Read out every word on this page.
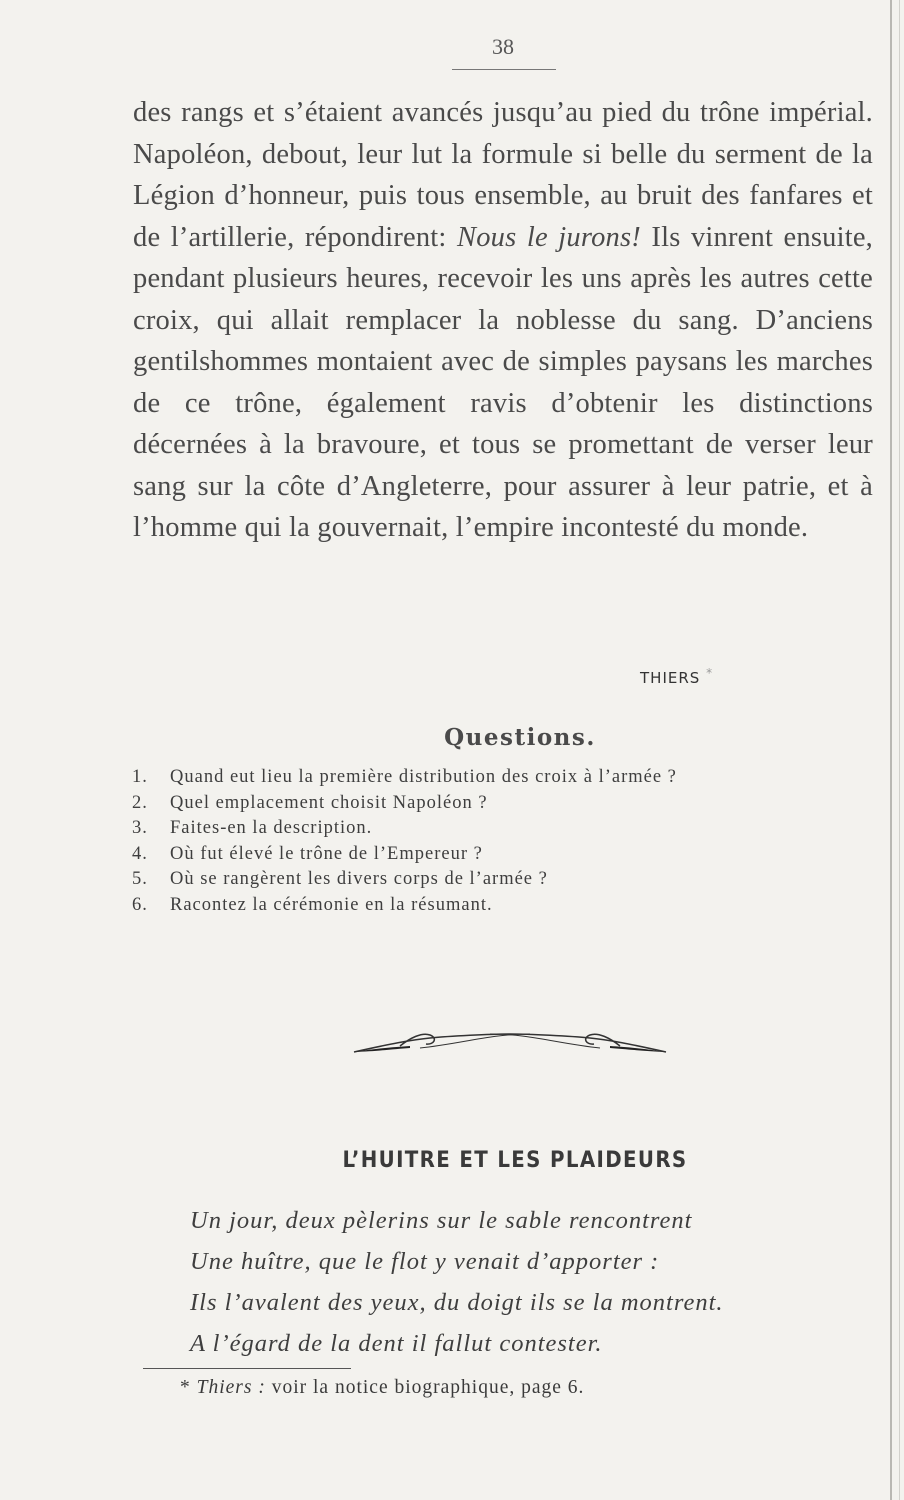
38
des rangs et s’étaient avancés jusqu’au pied du trône impérial. Napoléon, debout, leur lut la formule si belle du serment de la Légion d’honneur, puis tous ensemble, au bruit des fanfares et de l’artillerie, répondirent: Nous le jurons! Ils vinrent ensuite, pendant plusieurs heures, recevoir les uns après les autres cette croix, qui allait remplacer la noblesse du sang. D’anciens gentilshommes montaient avec de simples paysans les marches de ce trône, également ravis d’obtenir les distinctions décernées à la bravoure, et tous se promettant de verser leur sang sur la côte d’Angleterre, pour assurer à leur patrie, et à l’homme qui la gouvernait, l’empire incontesté du monde.
THIERS *
Questions.
1.	Quand eut lieu la première distribution des croix à l’armée ?
2.	Quel emplacement choisit Napoléon ?
3.	Faites-en la description.
4.	Où fut élevé le trône de l’Empereur ?
5.	Où se rangèrent les divers corps de l’armée ?
6.	Racontez la cérémonie en la résumant.
L’HUITRE ET LES PLAIDEURS
Un jour, deux pèlerins sur le sable rencontrent
Une huître, que le flot y venait d’apporter :
Ils l’avalent des yeux, du doigt ils se la montrent.
A l’égard de la dent il fallut contester.
* Thiers : voir la notice biographique, page 6.
